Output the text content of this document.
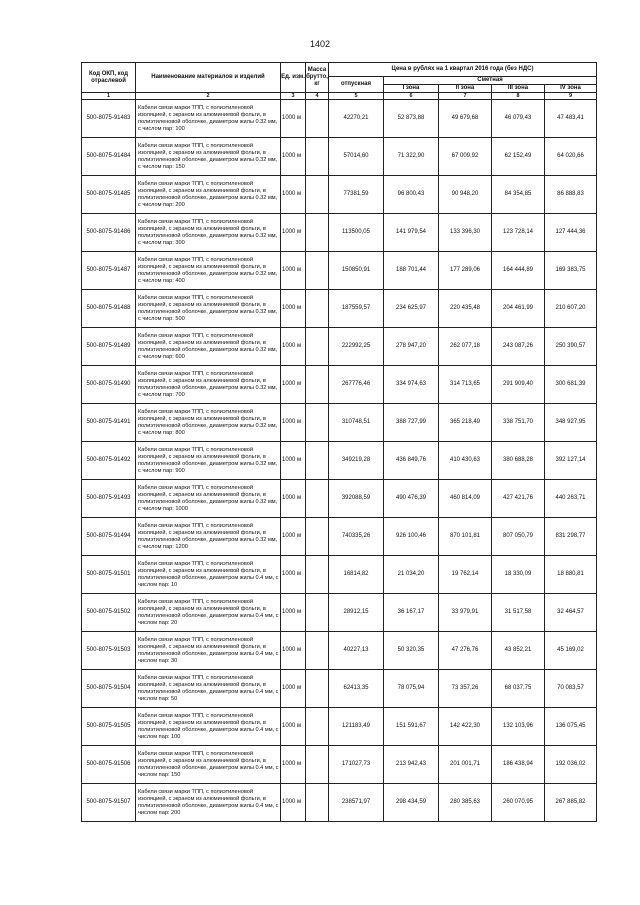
1402
Код ОКП, код отраслевой	Наименование материалов и изделий	Ед. изм.	Масса брутто, кг	Цена в рублях на 1 квартал 2016 года (без НДС)				
				отпускная	Сметная			
					I зона	II зона	III зона	IV зона
1	2	3	4	5	6	7	8	9
500-8075-91483	Кабели связи марки ТПП, с полиэтиленовой изоляцией, с экраном из алюминиевой фольги, в полиэтиленовой оболочке, диаметром жилы 0.32 мм, с числом пар: 100	1000 м		42270,21	52 873,88	49 679,68	46 079,43	47 483,41
500-8075-91484	Кабели связи марки ТПП, с полиэтиленовой изоляцией, с экраном из алюминиевой фольги, в полиэтиленовой оболочке, диаметром жилы 0.32 мм, с числом пар: 150	1000 м		57014,60	71 322,90	67 009,92	62 152,49	64 020,66
500-8075-91485	Кабели связи марки ТПП, с полиэтиленовой изоляцией, с экраном из алюминиевой фольги, в полиэтиленовой оболочке, диаметром жилы 0.32 мм, с числом пар: 200	1000 м		77381,59	96 800,43	90 948,20	84 354,85	86 888,83
500-8075-91486	Кабели связи марки ТПП, с полиэтиленовой изоляцией, с экраном из алюминиевой фольги, в полиэтиленовой оболочке, диаметром жилы 0.32 мм, с числом пар: 300	1000 м		113500,05	141 979,54	133 396,30	123 728,14	127 444,36
500-8075-91487	Кабели связи марки ТПП, с полиэтиленовой изоляцией, с экраном из алюминиевой фольги, в полиэтиленовой оболочке, диаметром жилы 0.32 мм, с числом пар: 400	1000 м		150850,91	188 701,44	177 289,06	164 444,89	169 383,75
500-8075-91488	Кабели связи марки ТПП, с полиэтиленовой изоляцией, с экраном из алюминиевой фольги, в полиэтиленовой оболочке, диаметром жилы 0.32 мм, с числом пар: 500	1000 м		187559,57	234 625,97	220 435,48	204 461,99	210 607,20
500-8075-91489	Кабели связи марки ТПП, с полиэтиленовой изоляцией, с экраном из алюминиевой фольги, в полиэтиленовой оболочке, диаметром жилы 0.32 мм, с числом пар: 600	1000 м		222992,25	278 947,20	262 077,18	243 087,26	250 390,57
500-8075-91490	Кабели связи марки ТПП, с полиэтиленовой изоляцией, с экраном из алюминиевой фольги, в полиэтиленовой оболочке, диаметром жилы 0.32 мм, с числом пар: 700	1000 м		267776,46	334 974,63	314 713,65	291 909,40	300 681,39
500-8075-91491	Кабели связи марки ТПП, с полиэтиленовой изоляцией, с экраном из алюминиевой фольги, в полиэтиленовой оболочке, диаметром жилы 0.32 мм, с числом пар: 800	1000 м		310748,51	388 727,99	365 218,49	338 751,70	348 927,95
500-8075-91492	Кабели связи марки ТПП, с полиэтиленовой изоляцией, с экраном из алюминиевой фольги, в полиэтиленовой оболочке, диаметром жилы 0.32 мм, с числом пар: 900	1000 м		349219,28	436 849,76	410 430,63	380 688,28	392 127,14
500-8075-91493	Кабели связи марки ТПП, с полиэтиленовой изоляцией, с экраном из алюминиевой фольги, в полиэтиленовой оболочке, диаметром жилы 0.32 мм, с числом пар: 1000	1000 м		392088,59	490 476,39	460 814,09	427 421,76	440 263,71
500-8075-91494	Кабели связи марки ТПП, с полиэтиленовой изоляцией, с экраном из алюминиевой фольги, в полиэтиленовой оболочке, диаметром жилы 0.32 мм, с числом пар: 1200	1000 м		740335,26	926 100,46	870 101,81	807 050,79	831 298,77
500-8075-91501	Кабели связи марки ТПП, с полиэтиленовой изоляцией, с экраном из алюминиевой фольги, в полиэтиленовой оболочке, диаметром жилы 0.4 мм, с числом пар: 10	1000 м		16814,82	21 034,20	19 762,14	18 330,09	18 880,81
500-8075-91502	Кабели связи марки ТПП, с полиэтиленовой изоляцией, с экраном из алюминиевой фольги, в полиэтиленовой оболочке, диаметром жилы 0.4 мм, с числом пар: 20	1000 м		28912,15	36 167,17	33 979,91	31 517,58	32 464,57
500-8075-91503	Кабели связи марки ТПП, с полиэтиленовой изоляцией, с экраном из алюминиевой фольги, в полиэтиленовой оболочке, диаметром жилы 0.4 мм, с числом пар: 30	1000 м		40227,13	50 320,35	47 276,76	43 852,21	45 169,02
500-8075-91504	Кабели связи марки ТПП, с полиэтиленовой изоляцией, с экраном из алюминиевой фольги, в полиэтиленовой оболочке, диаметром жилы 0.4 мм, с числом пар: 50	1000 м		62413,35	78 075,94	73 357,26	68 037,75	70 083,57
500-8075-91505	Кабели связи марки ТПП, с полиэтиленовой изоляцией, с экраном из алюминиевой фольги, в полиэтиленовой оболочке, диаметром жилы 0.4 мм, с числом пар: 100	1000 м		121183,49	151 591,67	142 422,30	132 103,96	136 075,45
500-8075-91506	Кабели связи марки ТПП, с полиэтиленовой изоляцией, с экраном из алюминиевой фольги, в полиэтиленовой оболочке, диаметром жилы 0.4 мм, с числом пар: 150	1000 м		171027,73	213 942,43	201 001,71	186 438,94	192 036,02
500-8075-91507	Кабели связи марки ТПП, с полиэтиленовой изоляцией, с экраном из алюминиевой фольги, в полиэтиленовой оболочке, диаметром жилы 0.4 мм, с числом пар: 200	1000 м		238571,97	298 434,59	280 385,63	260 070,95	267 885,82
